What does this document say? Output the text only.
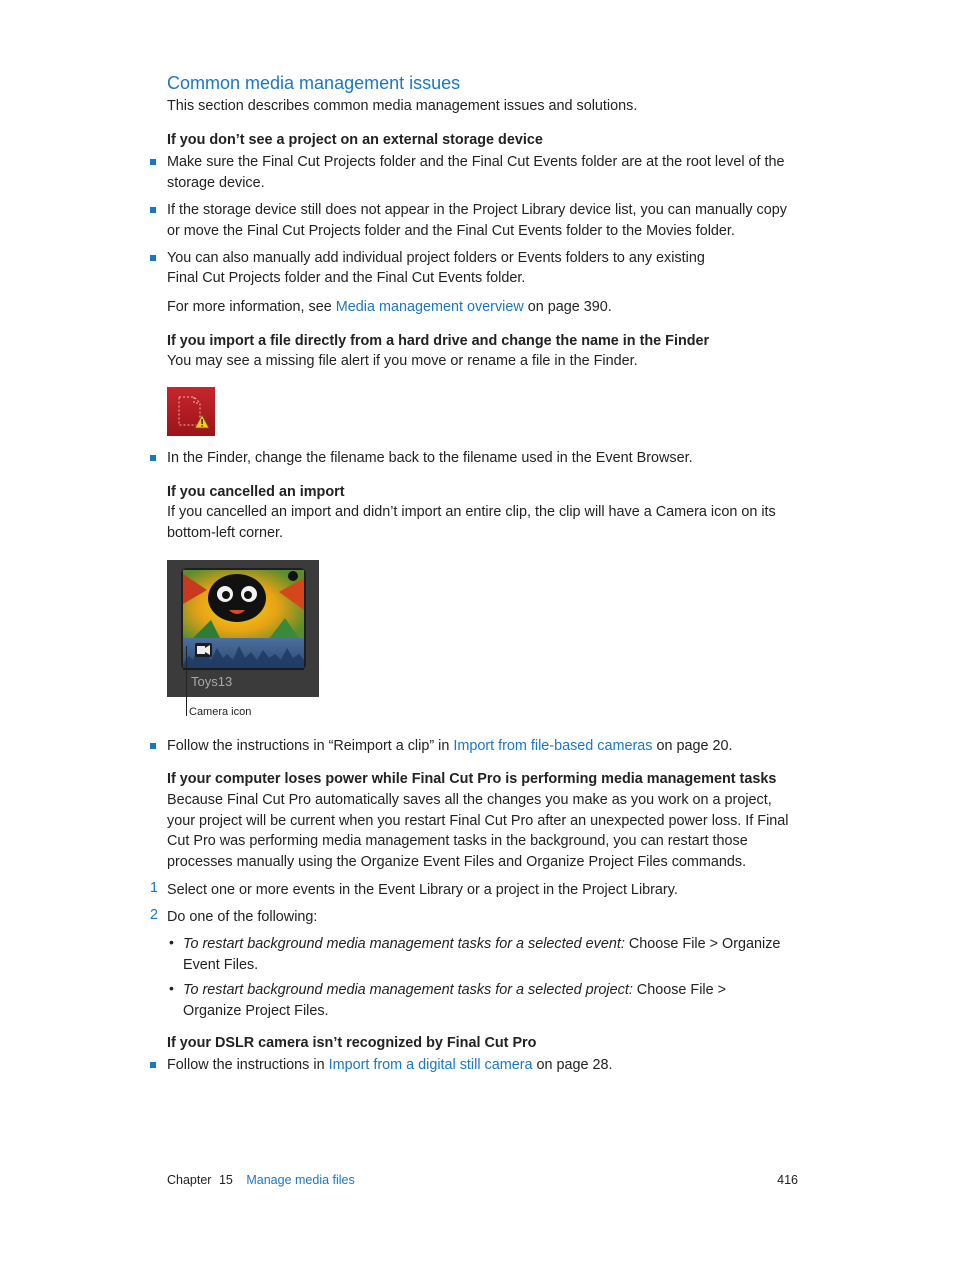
Common media management issues
This section describes common media management issues and solutions.
If you don’t see a project on an external storage device
Make sure the Final Cut Projects folder and the Final Cut Events folder are at the root level of the storage device.
If the storage device still does not appear in the Project Library device list, you can manually copy or move the Final Cut Projects folder and the Final Cut Events folder to the Movies folder.
You can also manually add individual project folders or Events folders to any existing
Final Cut Projects folder and the Final Cut Events folder.
For more information, see Media management overview on page 390.
If you import a file directly from a hard drive and change the name in the Finder
You may see a missing file alert if you move or rename a file in the Finder.
In the Finder, change the filename back to the filename used in the Event Browser.
If you cancelled an import
If you cancelled an import and didn’t import an entire clip, the clip will have a Camera icon on its bottom-left corner.
Toys13
Camera icon
Follow the instructions in “Reimport a clip” in Import from file-based cameras on page 20.
If your computer loses power while Final Cut Pro is performing media management tasks
Because Final Cut Pro automatically saves all the changes you make as you work on a project, your project will be current when you restart Final Cut Pro after an unexpected power loss. If Final Cut Pro was performing media management tasks in the background, you can restart those processes manually using the Organize Event Files and Organize Project Files commands.
1 Select one or more events in the Event Library or a project in the Project Library.
2 Do one of the following:
• To restart background media management tasks for a selected event: Choose File > Organize Event Files.
• To restart background media management tasks for a selected project: Choose File > Organize Project Files.
If your DSLR camera isn’t recognized by Final Cut Pro
Follow the instructions in Import from a digital still camera on page 28.
Chapter 15 Manage media files	416
